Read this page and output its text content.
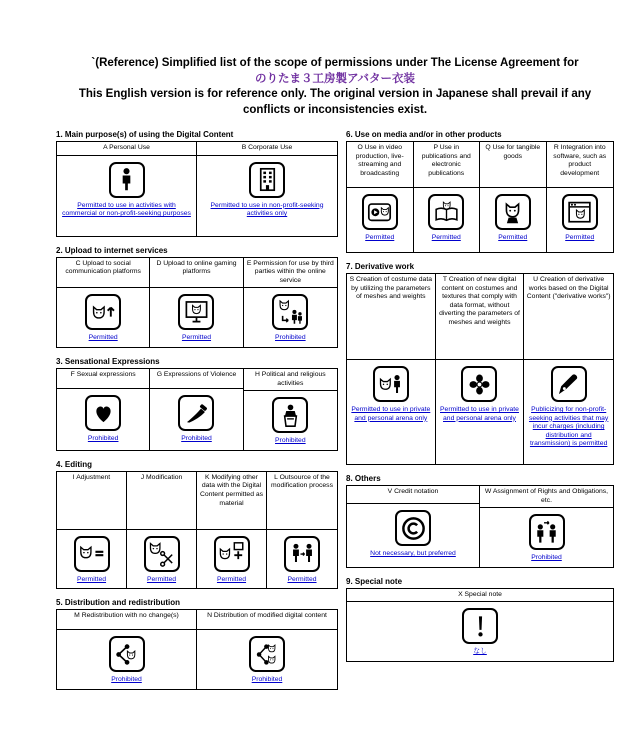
`(Reference) Simplified list of the scope of permissions under The License Agreement for
のりたま３工房製アバター衣装
This English version is for reference only. The original version in Japanese shall prevail if any conflicts or inconsistencies exist.
1. Main purpose(s) of using the Digital Content
A Personal Use
Permitted to use in activities with commercial or non-profit-seeking purposes
B Corporate Use
Permitted to use in non-profit-seeking activities only
2. Upload to internet services
C Upload to social communication platforms
Permitted
D Upload to online gaming platforms
Permitted
E Permission for use by third parties within the online service
Prohibited
3. Sensational Expressions
F Sexual expressions
Prohibited
G Expressions of Violence
Prohibited
H Political and religious activities
Prohibited
4. Editing
I Adjustment
Permitted
J Modification
Permitted
K Modifying other data with the Digital Content permitted as material
Permitted
L Outsource of the modification process
Permitted
5. Distribution and redistribution
M Redistribution with no change(s)
Prohibited
N Distribution of modified digital content
Prohibited
6. Use on media and/or in other products
O Use in video production, live-streaming and broadcasting
Permitted
P Use in publications and electronic publications
Permitted
Q Use for tangible goods
Permitted
R Integration into software, such as product development
Permitted
7. Derivative work
S Creation of costume data by utilizing the parameters of meshes and weights
Permitted to use in private and personal arena only
T Creation of new digital content on costumes and textures that comply with data format, without diverting the parameters of meshes and weights
Permitted to use in private and personal arena only
U Creation of derivative works based on the Digital Content ("derivative works")
Publicizing for non-profit-seeking activities that may incur charges (including distribution and transmission) is permitted
8. Others
V Credit notation
Not necessary, but preferred
W Assignment of Rights and Obligations, etc.
Prohibited
9. Special note
X Special note
なし
